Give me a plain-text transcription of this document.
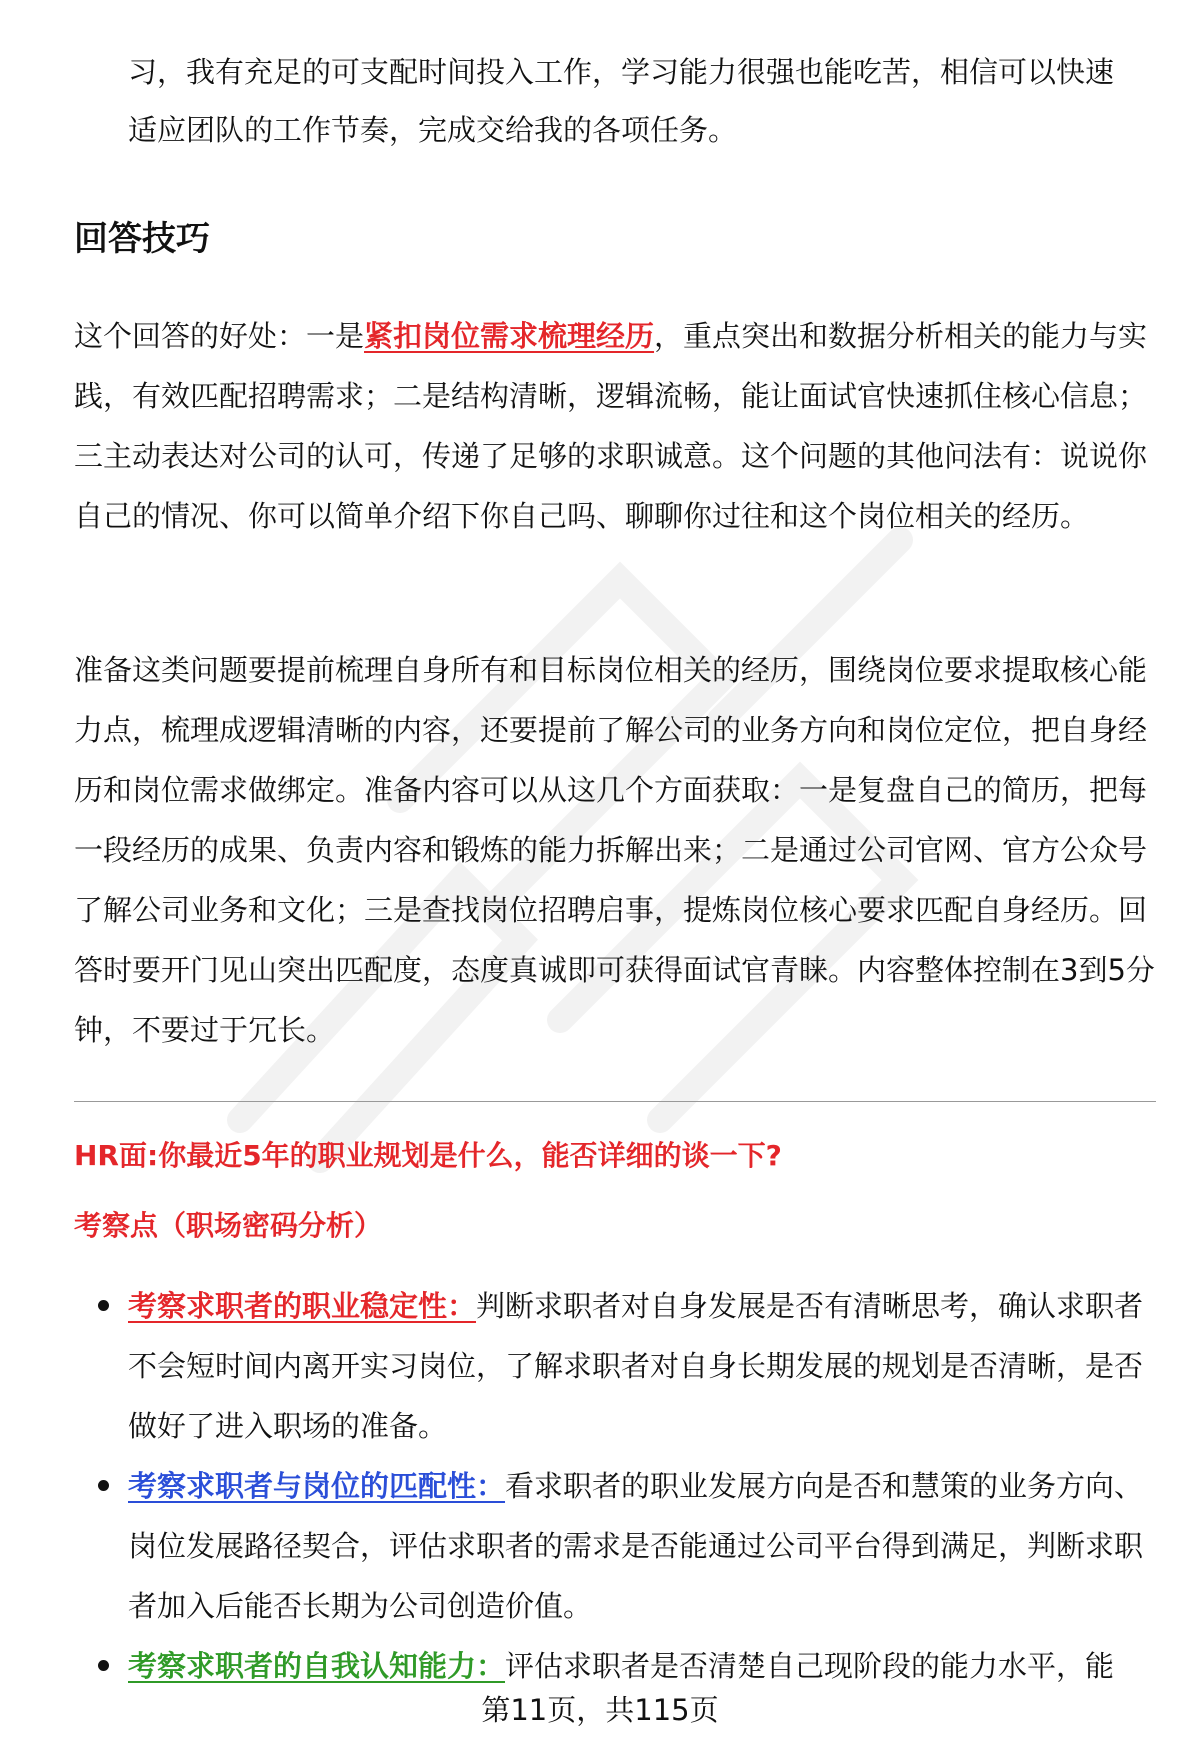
习，我有充足的可支配时间投入工作，学习能力很强也能吃苦，相信可以快速

适应团队的工作节奏，完成交给我的各项任务。

回答技巧

这个回答的好处：一是紧扣岗位需求梳理经历，重点突出和数据分析相关的能力与实践，有效匹配招聘需求；二是结构清晰，逻辑流畅，能让面试官快速抓住核心信息；三主动表达对公司的认可，传递了足够的求职诚意。这个问题的其他问法有：说说你自己的情况、你可以简单介绍下你自己吗、聊聊你过往和这个岗位相关的经历。

准备这类问题要提前梳理自身所有和目标岗位相关的经历，围绕岗位要求提取核心能力点，梳理成逻辑清晰的内容，还要提前了解公司的业务方向和岗位定位，把自身经历和岗位需求做绑定。准备内容可以从这几个方面获取：一是复盘自己的简历，把每一段经历的成果、负责内容和锻炼的能力拆解出来；二是通过公司官网、官方公众号了解公司业务和文化；三是查找岗位招聘启事，提炼岗位核心要求匹配自身经历。回答时要开门见山突出匹配度，态度真诚即可获得面试官青睐。内容整体控制在3到5分钟，不要过于冗长。

HR面:你最近5年的职业规划是什么，能否详细的谈一下?
考察点（职场密码分析）
考察求职者的职业稳定性：判断求职者对自身发展是否有清晰思考，确认求职者不会短时间内离开实习岗位，了解求职者对自身长期发展的规划是否清晰，是否做好了进入职场的准备。
考察求职者与岗位的匹配性：看求职者的职业发展方向是否和慧策的业务方向、岗位发展路径契合，评估求职者的需求是否能通过公司平台得到满足，判断求职者加入后能否长期为公司创造价值。
考察求职者的自我认知能力：评估求职者是否清楚自己现阶段的能力水平，能
第11页，共115页
